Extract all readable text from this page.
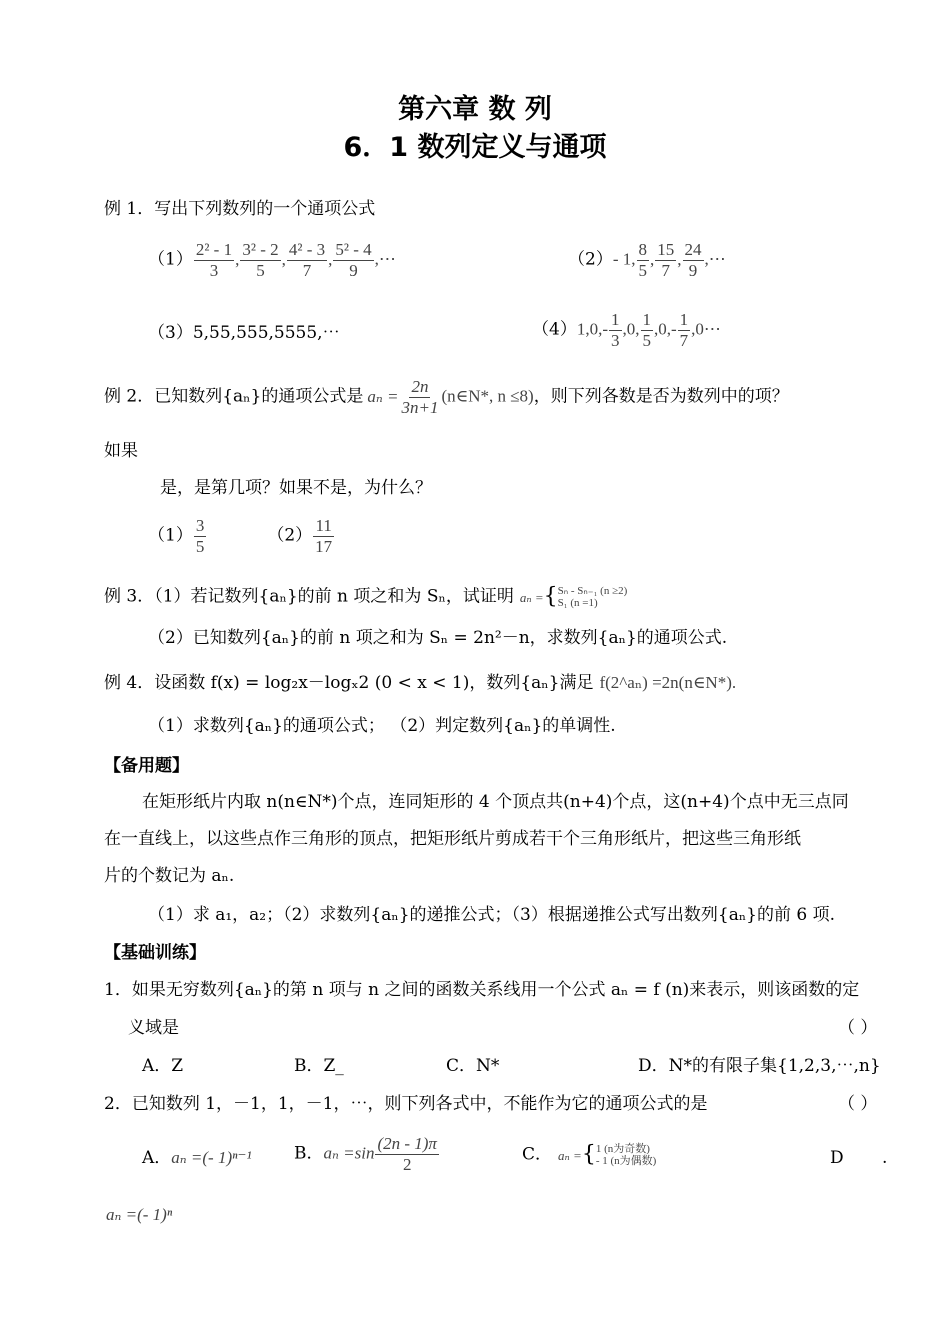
第六章 数 列
6．1 数列定义与通项
例 1．写出下列数列的一个通项公式
$(1) \frac{\text{2² - 1}}{3}$ , $\frac{\text{3² - 2}}{5}$ , $\frac{\text{4² - 3}}{7}$ , $\frac{\text{5² - 4}}{9}$ ,⋯	（2）- 1, $\frac{8}{5}$ , $\frac{15}{7}$ , $\frac{24}{9}$ ,⋯
（3）5,55,555,5555,⋯	$(4)1,0,- \frac{1}{3} ,0$, $\frac{1}{5} ,0,- \frac{1}{7}$ ,0⋯
例 2．已知数列{aₙ}的通项公式是 $a_n = \frac{2n}{3n+1}$ (n∈N*, n ≤8)，则下列各数是否为数列中的项？
如果
是，是第几项？如果不是，为什么？
$(1) \frac{3}{5}$	$(2) \frac{11}{17}$
例 3．（1）若记数列{aₙ}的前 n 项之和为 Sₙ，试证明 aₙ ={ Sₙ - Sₙ₋₁ (n ≥2)
S₁ (n =1)
（2）已知数列{aₙ}的前 n 项之和为 Sₙ = 2n²－n，求数列{aₙ}的通项公式.
例 4．设函数 f(x) = log₂x－logₓ2 (0 < x < 1)，数列{aₙ}满足 f(2^aₙ) =2n(n∈N*).
（1）求数列{aₙ}的通项公式； （2）判定数列{aₙ}的单调性.
【备用题】
在矩形纸片内取 n(n∈N*)个点，连同矩形的 4 个顶点共(n+4)个点，这(n+4)个点中无三点同
在一直线上，以这些点作三角形的顶点，把矩形纸片剪成若干个三角形纸片，把这些三角形纸
片的个数记为 aₙ.
（1）求 a₁，a₂；（2）求数列{aₙ}的递推公式；（3）根据递推公式写出数列{aₙ}的前 6 项.
【基础训练】
1．如果无穷数列{aₙ}的第 n 项与 n 之间的函数关系线用一个公式 aₙ = f (n)来表示，则该函数的定
义域是	（ ）
A．Z	B．Z_	C．N*	D．N*的有限子集{1,2,3,⋯,n}
2．已知数列 1，－1，1，－1，⋯，则下列各式中，不能作为它的通项公式的是	（ ）
A．aₙ =(- 1)ⁿ⁻¹ B．$a_n =\sin \frac{(2n - 1)\pi}{2}$	C． aₙ ={ 1 (n为奇数)
- 1 (n为偶数)	D .
aₙ =(- 1)ⁿ
